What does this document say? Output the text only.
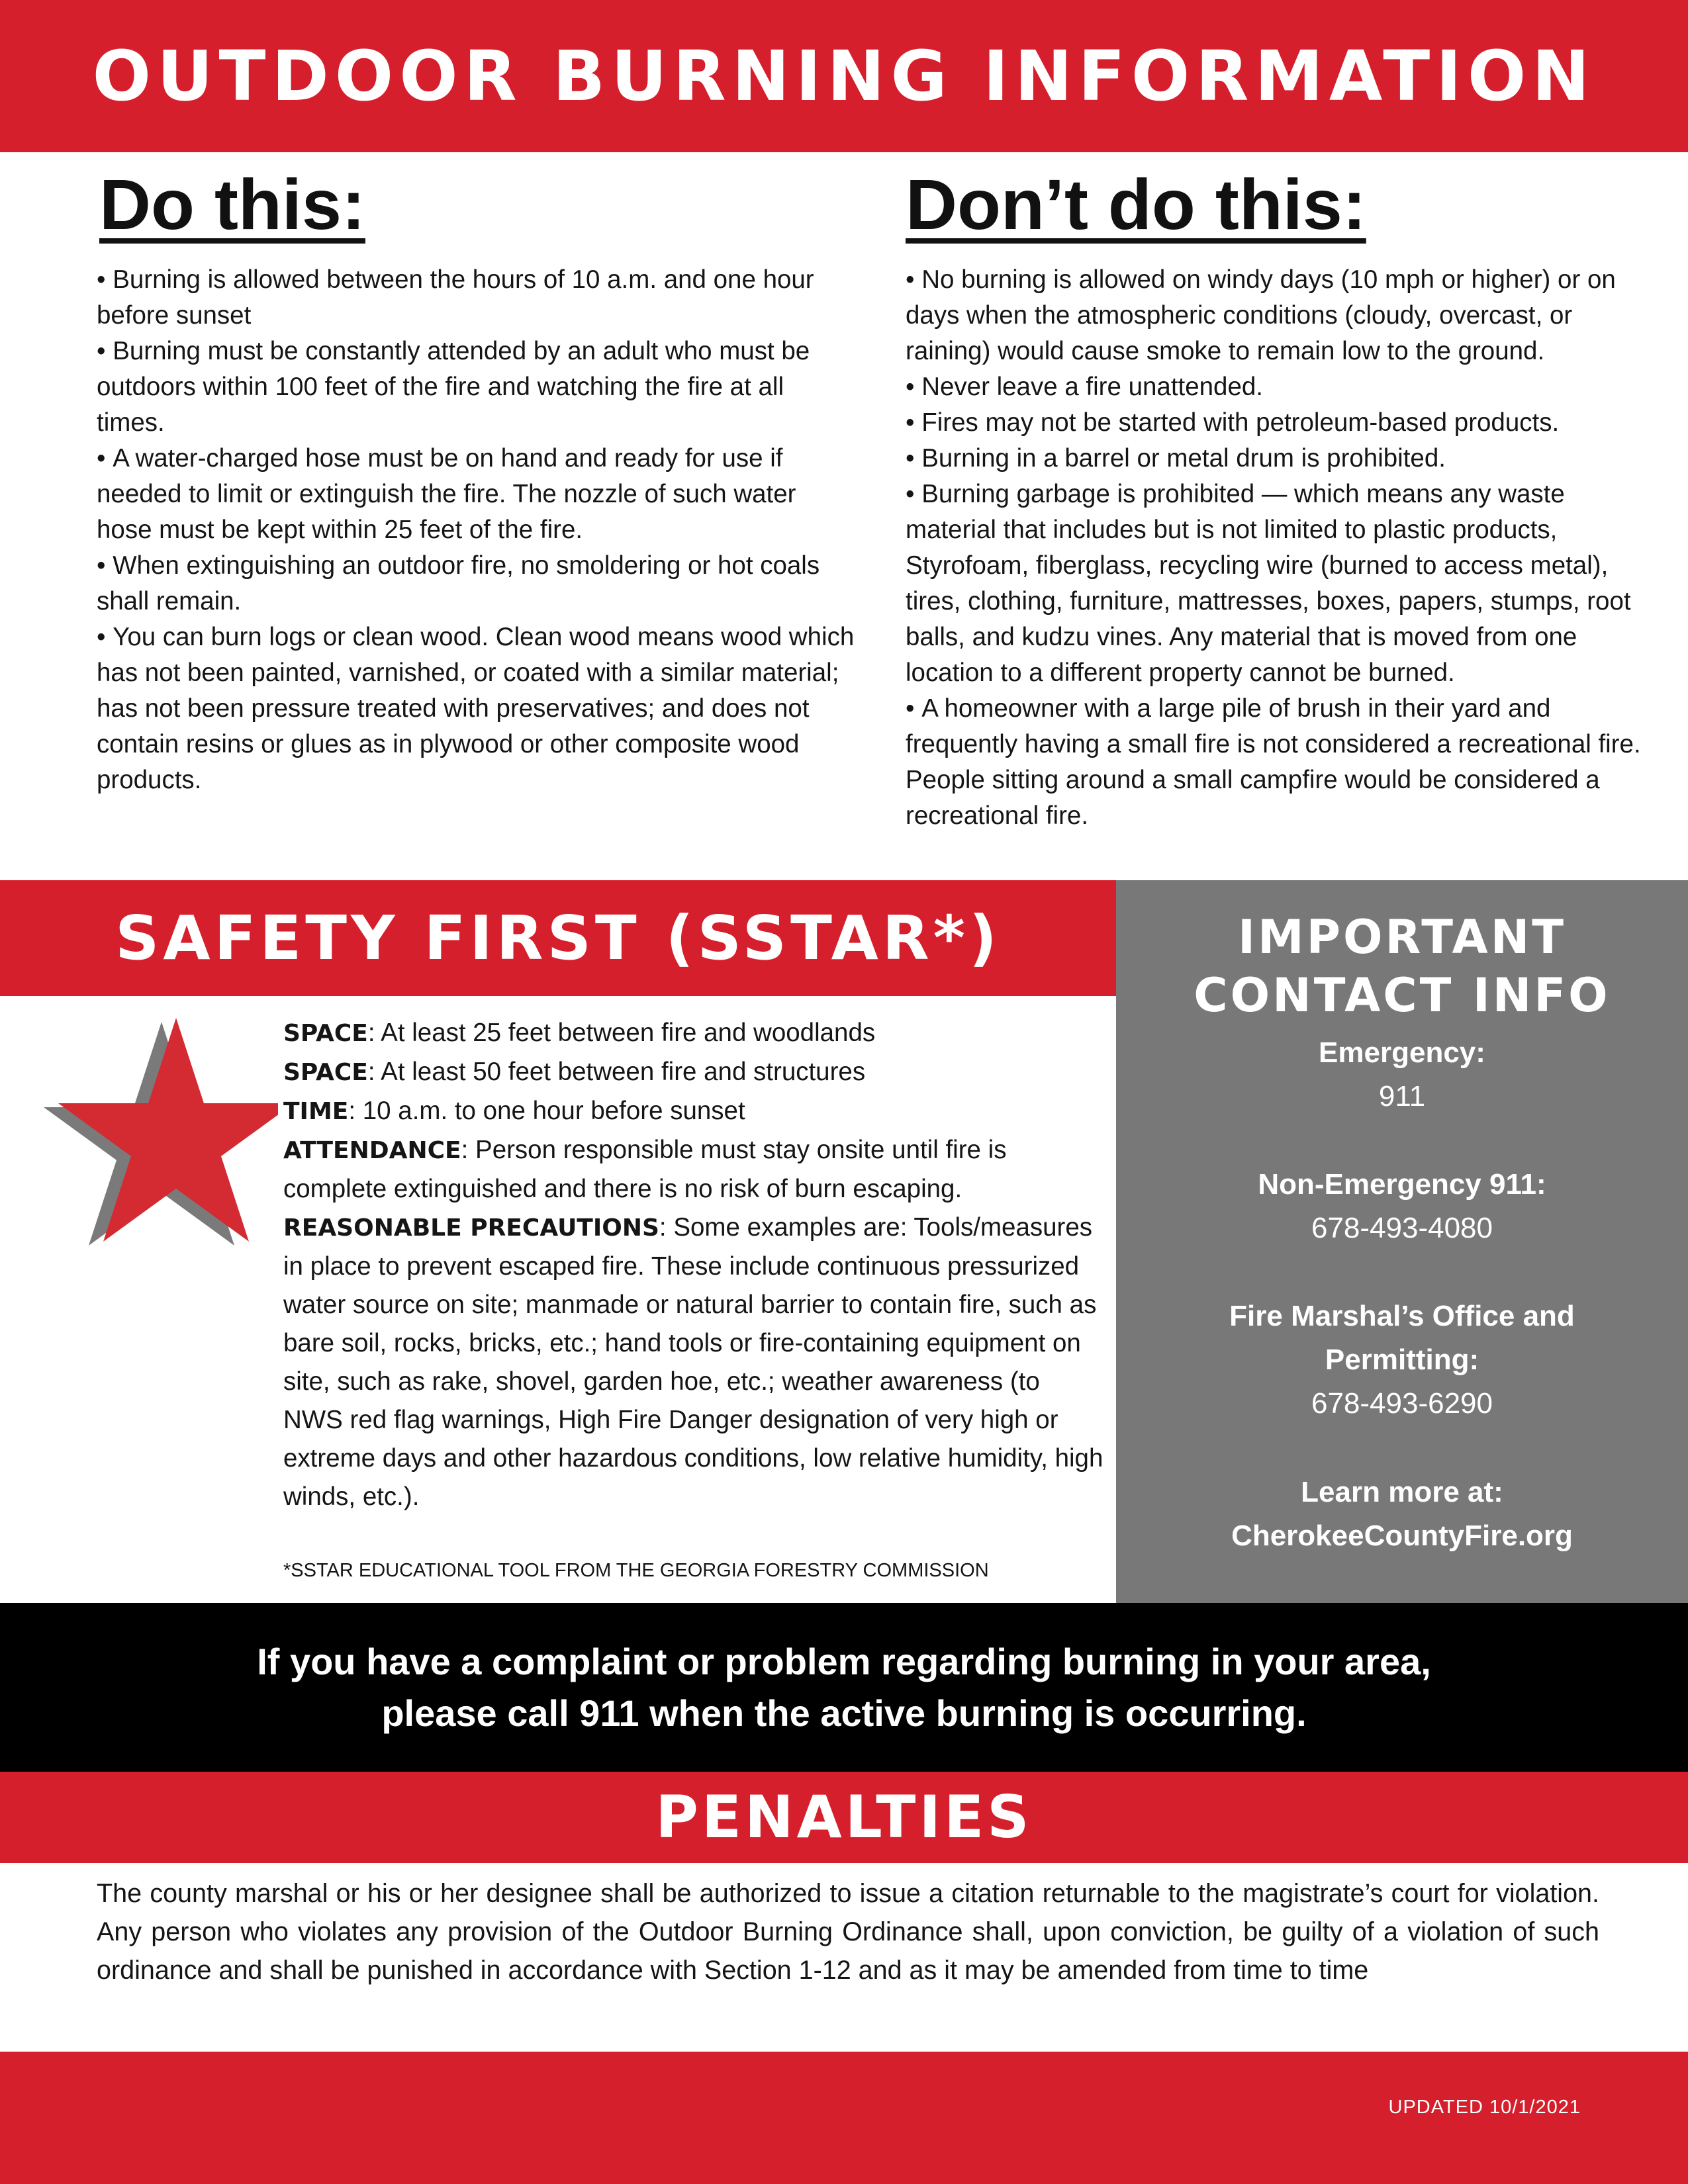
OUTDOOR BURNING INFORMATION
Do this:
• Burning is allowed between the hours of 10 a.m. and one hour before sunset
• Burning must be constantly attended by an adult who must be outdoors within 100 feet of the fire and watching the fire at all times.
• A water-charged hose must be on hand and ready for use if needed to limit or extinguish the fire. The nozzle of such water hose must be kept within 25 feet of the fire.
• When extinguishing an outdoor fire, no smoldering or hot coals shall remain.
• You can burn logs or clean wood. Clean wood means wood which has not been painted, varnished, or coated with a similar material; has not been pressure treated with preservatives; and does not contain resins or glues as in plywood or other composite wood products.
Don’t do this:
• No burning is allowed on windy days (10 mph or higher) or on days when the atmospheric conditions (cloudy, overcast, or raining) would cause smoke to remain low to the ground.
• Never leave a fire unattended.
• Fires may not be started with petroleum-based products.
• Burning in a barrel or metal drum is prohibited.
• Burning garbage is prohibited — which means any waste material that includes but is not limited to plastic products, Styrofoam, fiberglass, recycling wire (burned to access metal), tires, clothing, furniture, mattresses, boxes, papers, stumps, root balls, and kudzu vines. Any material that is moved from one location to a different property cannot be burned.
• A homeowner with a large pile of brush in their yard and frequently having a small fire is not considered a recreational fire. People sitting around a small campfire would be considered a recreational fire.
SAFETY FIRST (SSTAR*)

SPACE: At least 25 feet between fire and woodlands

SPACE: At least 50 feet between fire and structures

TIME: 10 a.m. to one hour before sunset

ATTENDANCE: Person responsible must stay onsite until fire is complete extinguished and there is no risk of burn escaping.

REASONABLE PRECAUTIONS: Some examples are: Tools/measures in place to prevent escaped fire. These include continuous pressurized water source on site; manmade or natural barrier to contain fire, such as bare soil, rocks, bricks, etc.; hand tools or fire-containing equipment on site, such as rake, shovel, garden hoe, etc.; weather awareness (to NWS red flag warnings, High Fire Danger designation of very high or extreme days and other hazardous conditions, low relative humidity, high winds, etc.).

*SSTAR EDUCATIONAL TOOL FROM THE GEORGIA FORESTRY COMMISSION
IMPORTANT
CONTACT INFO
Emergency:
911
Non-Emergency 911:
678-493-4080
Fire Marshal’s Office and
Permitting:
678-493-6290
Learn more at:
CherokeeCountyFire.org
If you have a complaint or problem regarding burning in your area,
please call 911 when the active burning is occurring.
PENALTIES

The county marshal or his or her designee shall be authorized to issue a citation returnable to the magistrate’s court for violation. Any person who violates any provision of the Outdoor Burning Ordinance shall, upon conviction, be guilty of a violation of such ordinance and shall be punished in accordance with Section 1-12 and as it may be amended from time to time

UPDATED 10/1/2021
